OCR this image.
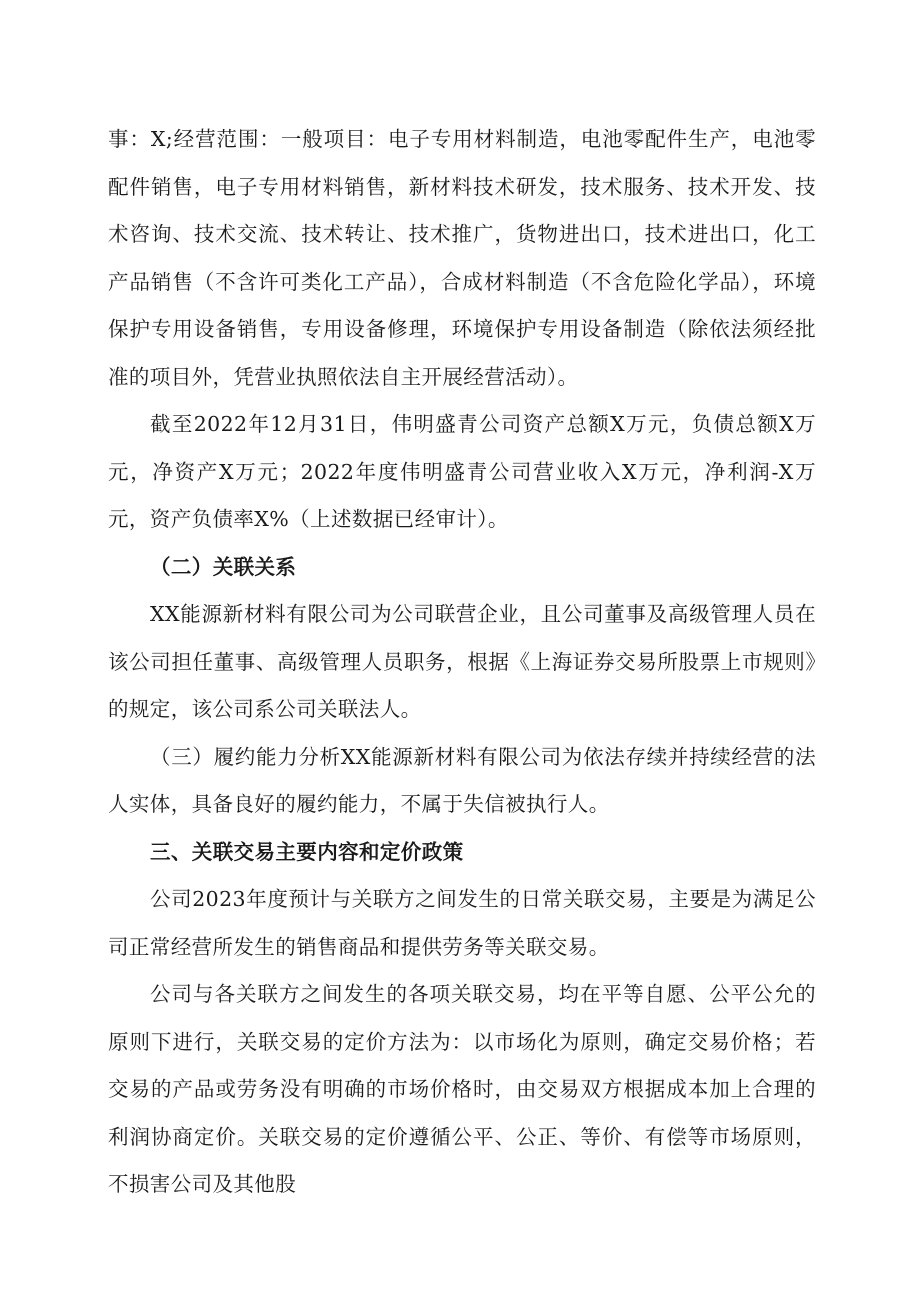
事：X;经营范围：一般项目：电子专用材料制造，电池零配件生产，电池零配件销售，电子专用材料销售，新材料技术研发，技术服务、技术开发、技术咨询、技术交流、技术转让、技术推广，货物进出口，技术进出口，化工产品销售（不含许可类化工产品），合成材料制造（不含危险化学品），环境保护专用设备销售，专用设备修理，环境保护专用设备制造（除依法须经批准的项目外，凭营业执照依法自主开展经营活动）。

截至2022年12月31日，伟明盛青公司资产总额X万元，负债总额X万元，净资产X万元；2022年度伟明盛青公司营业收入X万元，净利润-X万元，资产负债率X%（上述数据已经审计）。

（二）关联关系

XX能源新材料有限公司为公司联营企业，且公司董事及高级管理人员在该公司担任董事、高级管理人员职务，根据《上海证券交易所股票上市规则》的规定，该公司系公司关联法人。

（三）履约能力分析XX能源新材料有限公司为依法存续并持续经营的法人实体，具备良好的履约能力，不属于失信被执行人。

三、关联交易主要内容和定价政策

公司2023年度预计与关联方之间发生的日常关联交易，主要是为满足公司正常经营所发生的销售商品和提供劳务等关联交易。

公司与各关联方之间发生的各项关联交易，均在平等自愿、公平公允的原则下进行，关联交易的定价方法为：以市场化为原则，确定交易价格；若交易的产品或劳务没有明确的市场价格时，由交易双方根据成本加上合理的利润协商定价。关联交易的定价遵循公平、公正、等价、有偿等市场原则，不损害公司及其他股
